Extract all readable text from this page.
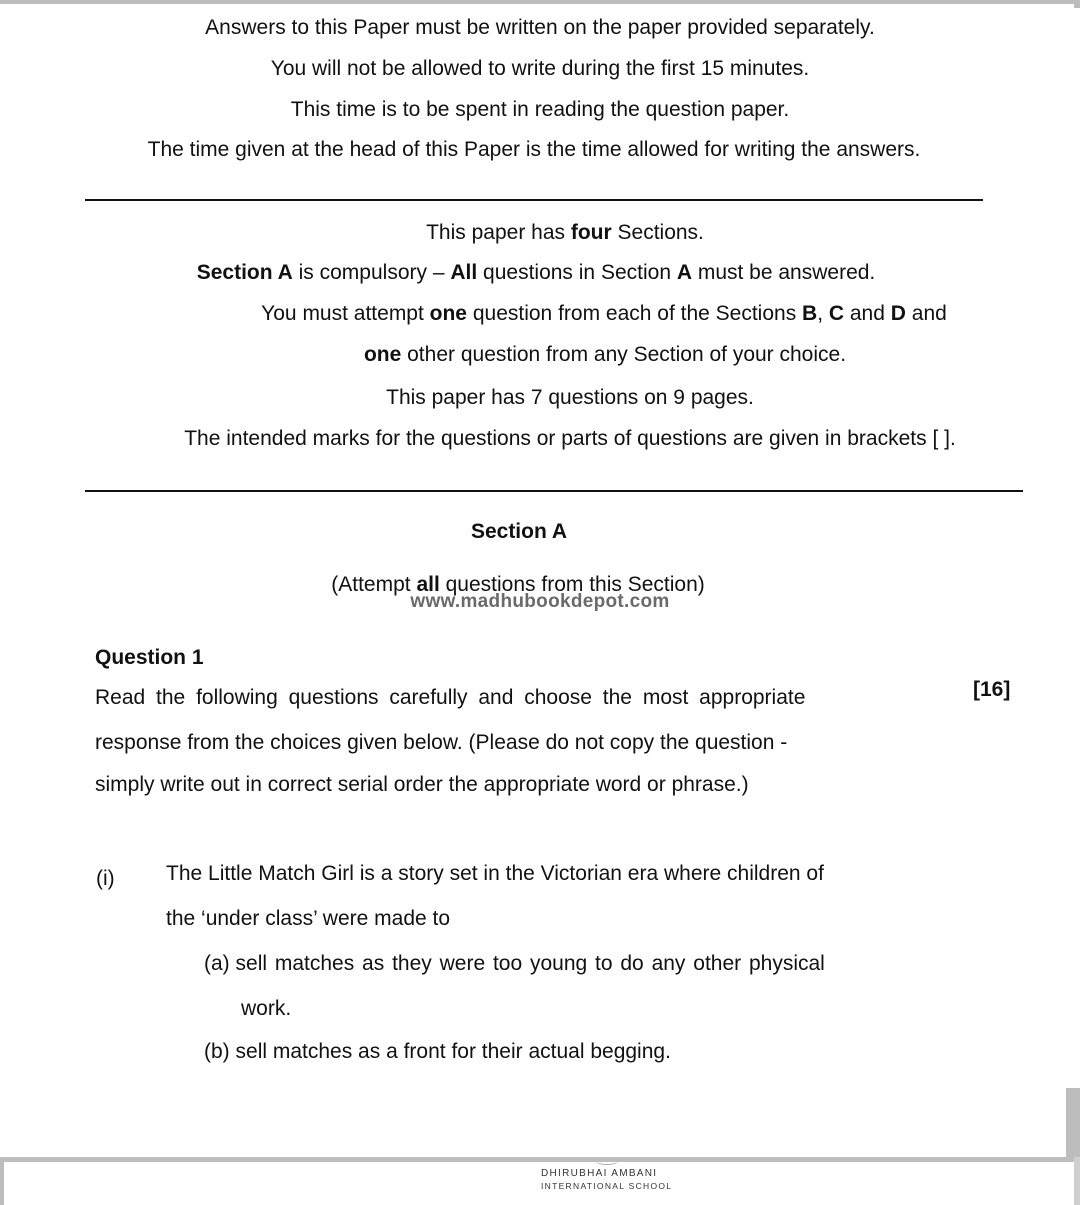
Answers to this Paper must be written on the paper provided separately.
You will not be allowed to write during the first 15 minutes.
This time is to be spent in reading the question paper.
The time given at the head of this Paper is the time allowed for writing the answers.
This paper has four Sections.
Section A is compulsory – All questions in Section A must be answered.
You must attempt one question from each of the Sections B, C and D and
one other question from any Section of your choice.
This paper has 7 questions on 9 pages.
The intended marks for the questions or parts of questions are given in brackets [ ].
Section A
(Attempt all questions from this Section)
www.madhubookdepot.com
Question 1
Read the following questions carefully and choose the most appropriate	[16]
response from the choices given below. (Please do not copy the question -
simply write out in correct serial order the appropriate word or phrase.)
(i) The Little Match Girl is a story set in the Victorian era where children of
the ‘under class’ were made to
(a) sell matches as they were too young to do any other physical
work.
(b) sell matches as a front for their actual begging.
DHIRUBHAI AMBANI
INTERNATIONAL SCHOOL
